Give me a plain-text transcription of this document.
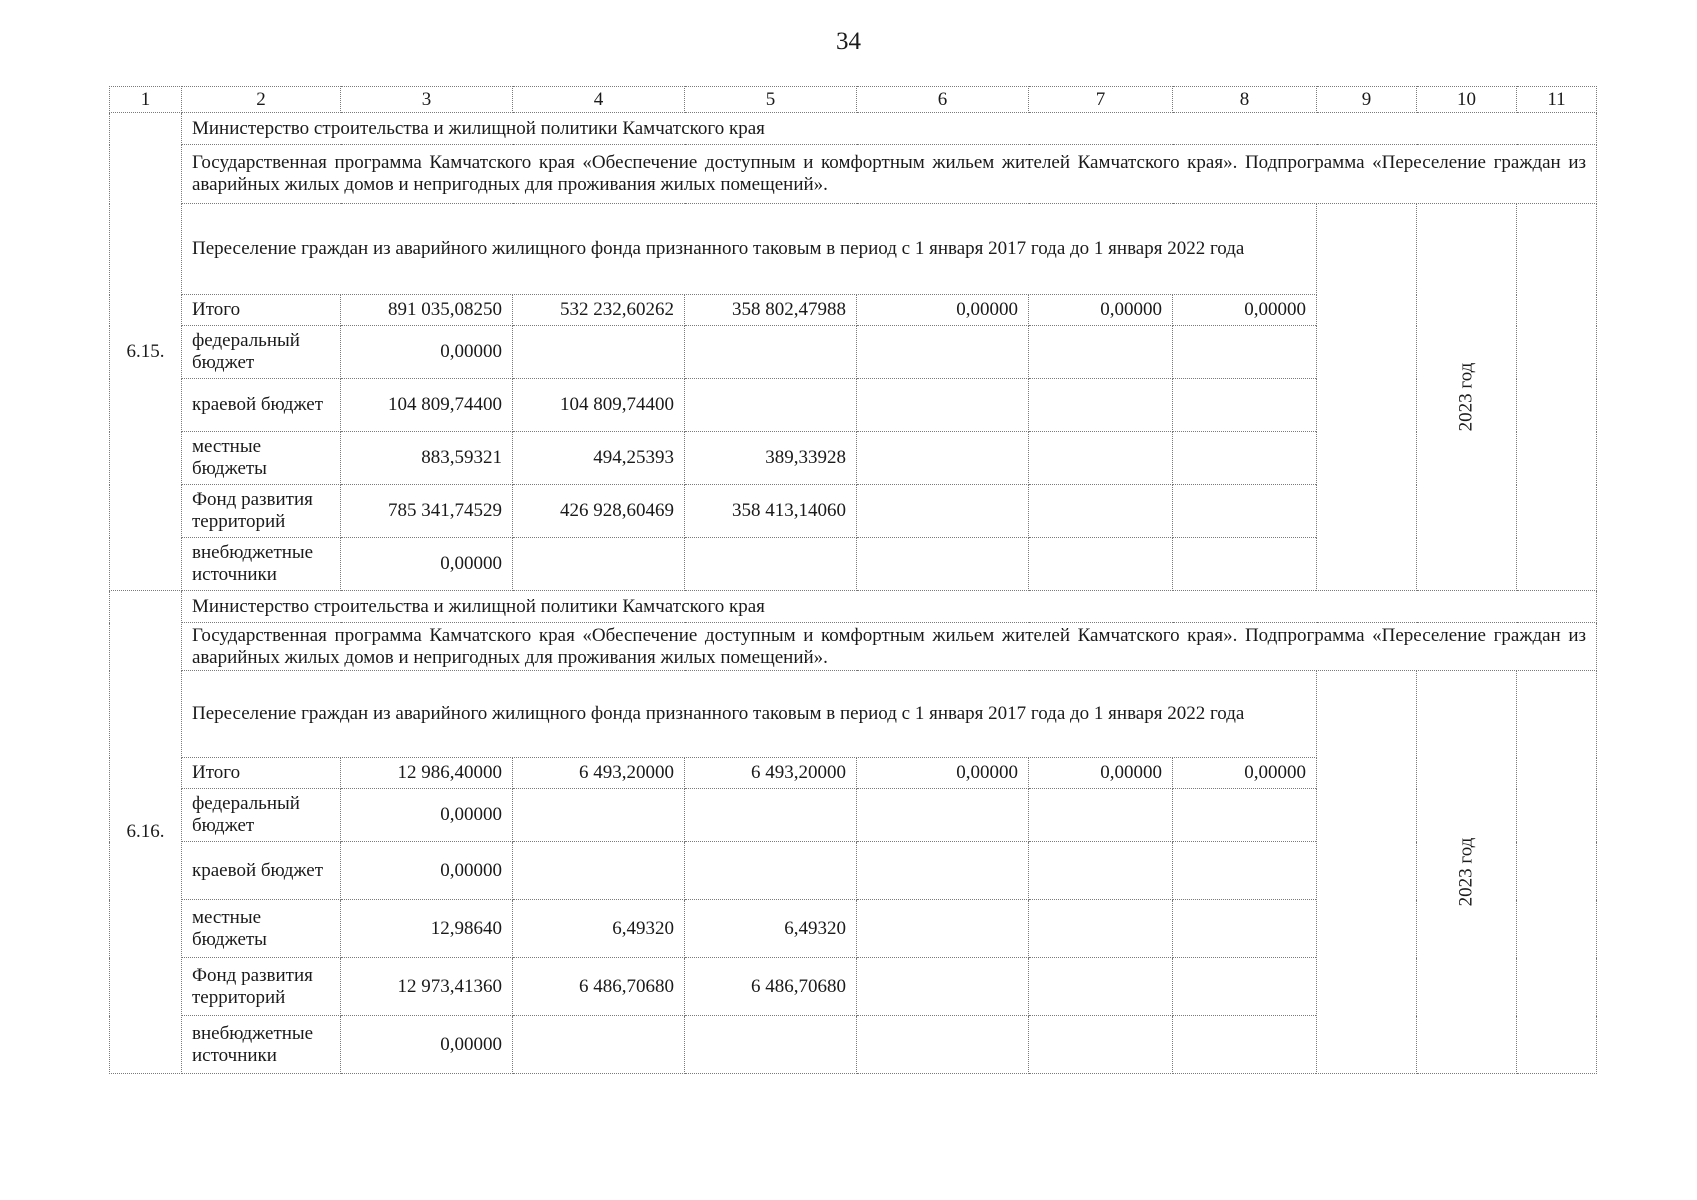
34
1	2	3	4	5	6	7	8	9	10	11
6.15.	Министерство строительства и жилищной политики Камчатского края									
	Государственная программа Камчатского края «Обеспечение доступным и комфортным жильем жителей Камчатского края». Подпрограмма «Переселение граждан из аварийных жилых домов и непригодных для проживания жилых помещений».									
	Переселение граждан из аварийного жилищного фонда признанного таковым в период с 1 января 2017 года до 1 января 2022 года								2023 год	
	Итого	891 035,08250	532 232,60262	358 802,47988	0,00000	0,00000	0,00000			
	федеральный бюджет	0,00000								
	краевой бюджет	104 809,74400	104 809,74400							
	местные бюджеты	883,59321	494,25393	389,33928						
	Фонд развития территорий	785 341,74529	426 928,60469	358 413,14060						
	внебюджетные источники	0,00000								
6.16.	Министерство строительства и жилищной политики Камчатского края									
	Государственная программа Камчатского края «Обеспечение доступным и комфортным жильем жителей Камчатского края». Подпрограмма «Переселение граждан из аварийных жилых домов и непригодных для проживания жилых помещений».									
	Переселение граждан из аварийного жилищного фонда признанного таковым в период с 1 января 2017 года до 1 января 2022 года								2023 год	
	Итого	12 986,40000	6 493,20000	6 493,20000	0,00000	0,00000	0,00000			
	федеральный бюджет	0,00000								
	краевой бюджет	0,00000								
	местные бюджеты	12,98640	6,49320	6,49320						
	Фонд развития территорий	12 973,41360	6 486,70680	6 486,70680						
	внебюджетные источники	0,00000								
